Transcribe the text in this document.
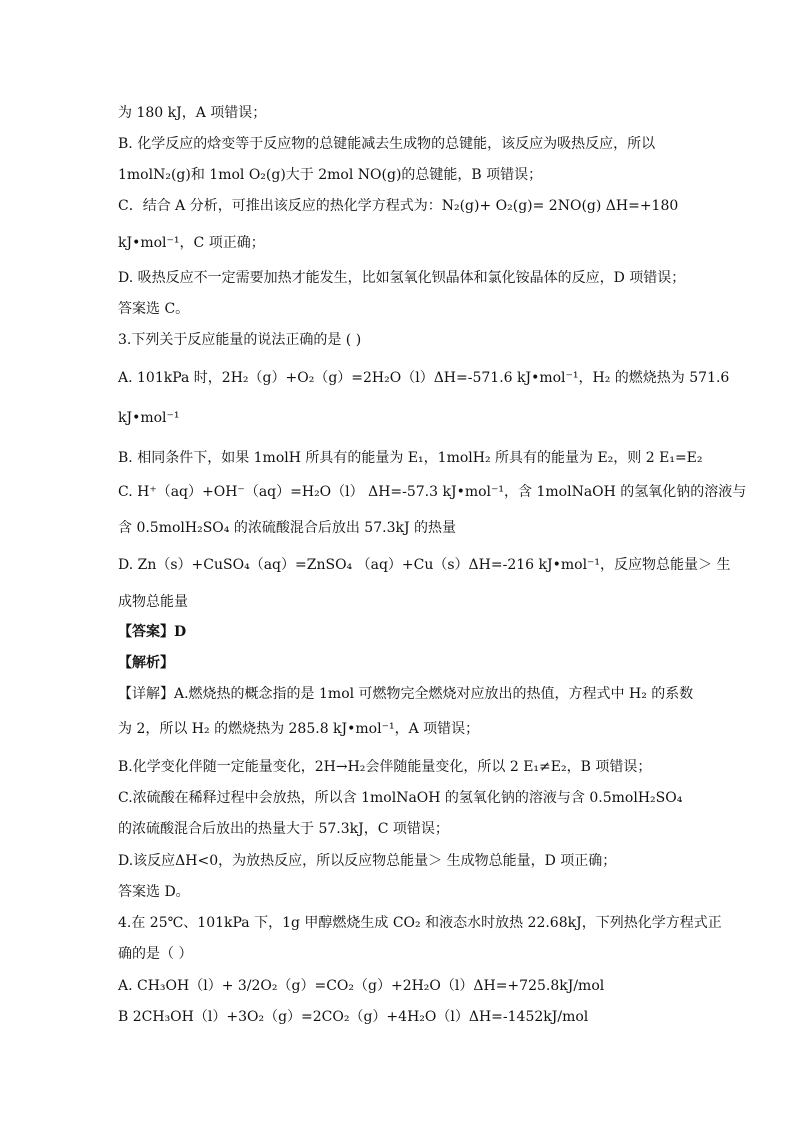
为 180 kJ，A 项错误；
B. 化学反应的焓变等于反应物的总键能减去生成物的总键能，该反应为吸热反应，所以
1molN₂(g)和 1mol O₂(g)大于 2mol NO(g)的总键能，B 项错误；
C．结合 A 分析，可推出该反应的热化学方程式为：N₂(g)+ O₂(g)= 2NO(g) ΔH=+180
kJ•mol⁻¹，C 项正确；
D. 吸热反应不一定需要加热才能发生，比如氢氧化钡晶体和氯化铵晶体的反应，D 项错误；
答案选 C。
3.下列关于反应能量的说法正确的是 ( )
A. 101kPa 时，2H₂（g）+O₂（g）=2H₂O（l）ΔH=-571.6 kJ•mol⁻¹，H₂ 的燃烧热为 571.6
kJ•mol⁻¹
B. 相同条件下，如果 1molH 所具有的能量为 E₁，1molH₂ 所具有的能量为 E₂，则 2 E₁=E₂
C. H⁺（aq）+OH⁻（aq）=H₂O（l） ΔH=-57.3 kJ•mol⁻¹，含 1molNaOH 的氢氧化钠的溶液与
含 0.5molH₂SO₄ 的浓硫酸混合后放出 57.3kJ 的热量
D. Zn（s）+CuSO₄（aq）=ZnSO₄ （aq）+Cu（s）ΔH=-216 kJ•mol⁻¹，反应物总能量＞ 生
成物总能量
【答案】D
【解析】
【详解】A.燃烧热的概念指的是 1mol 可燃物完全燃烧对应放出的热值，方程式中 H₂ 的系数
为 2，所以 H₂ 的燃烧热为 285.8 kJ•mol⁻¹，A 项错误；
B.化学变化伴随一定能量变化，2H→H₂会伴随能量变化，所以 2 E₁≠E₂，B 项错误；
C.浓硫酸在稀释过程中会放热，所以含 1molNaOH 的氢氧化钠的溶液与含 0.5molH₂SO₄
的浓硫酸混合后放出的热量大于 57.3kJ，C 项错误；
D.该反应ΔH<0，为放热反应，所以反应物总能量＞ 生成物总能量，D 项正确；
答案选 D。
4.在 25℃、101kPa 下，1g 甲醇燃烧生成 CO₂ 和液态水时放热 22.68kJ，下列热化学方程式正
确的是（ ）
A. CH₃OH（l）+ 3/2O₂（g）=CO₂（g）+2H₂O（l）ΔH=+725.8kJ/mol
B 2CH₃OH（l）+3O₂（g）=2CO₂（g）+4H₂O（l）ΔH=-1452kJ/mol
